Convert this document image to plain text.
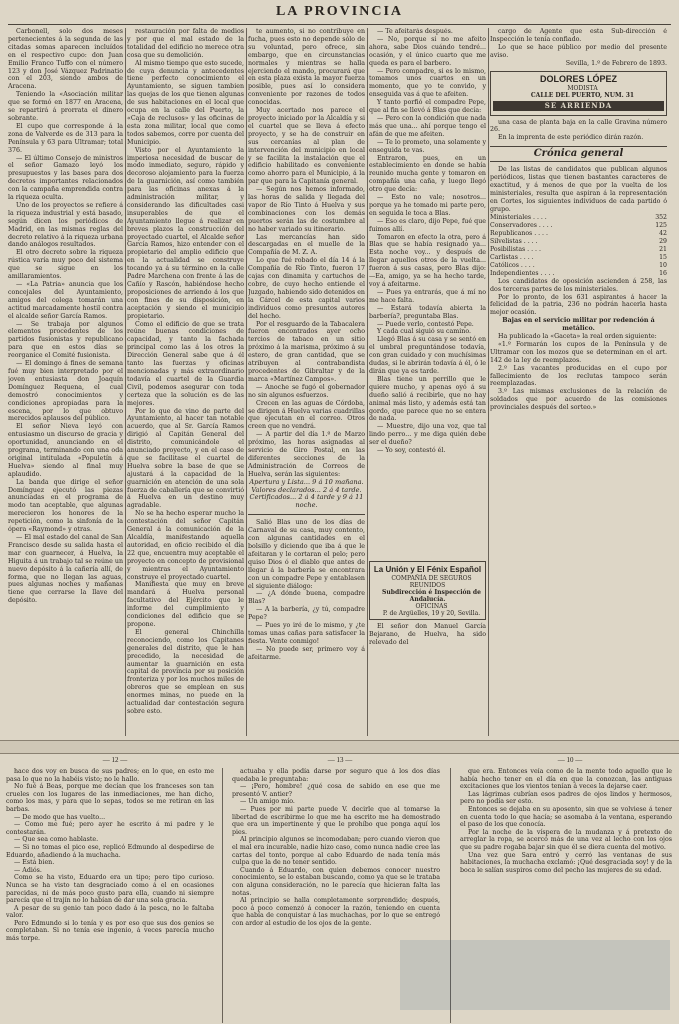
LA PROVINCIA

Carbonell, solo dos meses pertenecientes á la segunda de las citadas somas aparecen incluídos en el respectivo cupo: don Juan Emilio Franco Tuffo con el número 123 y don José Vázquez Padrinatio con el 203, siendo ambos de Aracena.

Teniendo la «Asociación militar que se formó en 1877 en Aracena, se repartirá á prorrata el dinero sobrante.

El cupo que corresponde á la zona de Valverde es de 313 para la Península y 63 para Ultramar; total 376.

— El último Consejo de ministros el señor Gamazo leyó los presupuestos y las bases para dos decretos importantes relacionados con la campaña emprendida contra la riqueza oculta.

Uno de los proyectos se refiere á la riqueza industrial y está basado, según dicen los periódicos de Madrid, en las mismas reglas del decreto relativo á la riqueza urbana dando análogos resultados.

El otro decreto sobre la riqueza rústica varía muy poco del sistema que se sigue en los amillaramientos.

— «La Patria» anuncia que los concejales del Ayuntamiento, amigos del colega tomarán una actitud marcadamente hostil contra el alcalde señor García Ramos.

— Se trabaja por algunos elementos procedentes de los partidos fusionistas y republicano para que en estos días se reorganice el Comité fusionista.

— El domingo á fines de semana fué muy bien interpretado por el joven entusiasta don Joaquín Domínguez Requena, el cual demostró conocimientos y condiciones apropiadas para la escena, por lo que obtuvo merecidos aplausos del público.

El señor Nieva leyó con entusiasmo un discurso de gracia y oportunidad, anunciando en el programa, terminando con una oda original intitulada «Populetín á Huelva» siendo al final muy aplaudido.

La banda que dirige el señor Domínguez ejecutó las piezas anunciadas en el programa de modo tan aceptable, que algunas merecieron los honores de la repetición, como la sinfonía de la ópera «Raymond» y otras.

— El mal estado del canal de San Francisco desde su salida hasta el mar con guarnecer, á Huelva, la Higuita á un trabajo tal se reúne un nuevo depósito á la cañería allí, de forma, que no llegan las aguas, pues algunas noches y mañanas tiene que cerrarse la llave del depósito.

restauración por falta de medios y por que el mal estado de la totalidad del edificio no merece otra cosa que su demolición.

Al mismo tiempo que esto sucede, de cuya denuncia y antecedentes tiene perfecto conocimiento el Ayuntamiento, se siguen tambien las quejas de los que tienen algunas de sus habitaciones en el local que ocupa en la calle del Puerto, la «Caja de reclusos» y las oficinas de esta zona militar, local que como todos sabemos, corre por cuenta del Municipio.

Visto por el Ayuntamiento la imperiosa necesidad de buscar de modo inmediato, seguro, rápido y decoroso alojamiento para la fuerza de la guarnición, así como también para las oficinas anexas á la administración militar, y considerando las dificultades casi insuperables de que el Ayuntamiento llegue á realizar en breves plazos la construcción del proyectado cuartel, el Alcalde señor García Ramos, hizo entender con el propietario del amplio edificio que en la actualidad se construye tocando ya á su término en la calle Padre Marchena con frente á las de Cañío y Rascón, habiéndose hecho proposiciones de arriendo á los que con fines de su disposición, en aceptación y siendo el municipio propietario.

Como el edificio de que se trata reúne buenas condiciones de capacidad, y tanto la fachada principal como las á los otros la Dirección General sabe que á él tanto las fuerzas y oficinas mencionadas y más extraordinario todavía el cuartel de la Guardia Civil, podemos asegurar con toda certeza que la solución es de las mejores.

Por lo que de vino de parte del Ayuntamiento, al hacer tan notable acuerdo, que al Sr. García Ramos dirigió al Capitán General del distrito, comunicándole el anunciado proyecto, y en el caso de que se facilitase el cuartel de Huelva sobre la base de que se ajustará á la capacidad de la guarnición en atención de una sola fuerza de caballería que se convirtió á Huelva en un destino muy agradable.

No se ha hecho esperar mucho la contestación del señor Capitán General á la comunicación de la Alcaldía, manifestando aquella autoridad, en oficio recibido el día 22 que, encuentra muy aceptable el proyecto en concepto de provisional y mientras el Ayuntamiento construye el proyectado cuartel.

Manifiesta que muy en breve mandará á Huelva personal facultativo del Ejército que le informe del cumplimiento y condiciones del edificio que se propone.

El general Chinchilla reconociendo, como los Capitanes generales del distrito, que le han precedido, la necesidad de aumentar la guarnición en esta capital de provincia por su posición fronteriza y por los muchos miles de obreros que se emplean en sus enormes minas, no puede en la actualidad dar contestación segura sobre esto.

te aumento, si no contribuye en fucha, pues esto no depende sólo de su voluntad, pero ofrece, sin embargo, que en circunstancias normales y mientras se halla ejerciendo el mando, procurará que en esta plaza exista la mayor fuerza posible, pues así lo considera conveniente por razones de todos conocidas.

Muy acertado nos parece el proyecto iniciado por la Alcaldía y si el cuartel que se lleva á efecto proyecto, y se ha de construir en sus cercanías al plan de intervención del municipio en local y se facilita la instalación que el edificio habilitado es conveniente como ahorro para el Municipio, á la par que para la Capitanía general.

— Según nos hemos informado, las horas de salida y llegada del vapor de Río Tinto á Huelva y sus combinaciones con los demás puertos serán las de costumbre al no haber variado su itinerario.

Las mercancías han sido descargadas en el muelle de la Compañía de M. Z. A.

Lo que fué robado el día 14 á la Compañía de Río Tinto, fueron 17 cajas con dinamita y cartuchos de cobre, de cuyo hecho entiende el Juzgado, habiendo sido detenidos en la Cárcel de esta capital varios individuos como presuntos autores del hecho.

Por el resguardo de la Tabacalera fueron encontrados ayer ocho tercios de tabaco en un sitio próximo á la marisma, próximo á su estero, de gran cantidad, que se atribuyen al contrabandista procedentes de Gibraltar y de la marca «Martínez Campos».

— Anoche se fugó el gobernador no sin algunos esfuerzos.

Crecen en las aguas de Córdoba, se dirigen á Huelva varias cuadrillas que ejecutan en el correo. Otros creen que no vendrá.

— A partir del día 1.º de Marzo próximo, las horas asignadas al servicio de Giro Postal, en las diferentes secciones de la Administración de Correos de Huelva, serán las siguientes:

Apertura y Lista... 9 á 10 mañana.

Valores declarados... 2 á 4 tarde.

Certificados... 2 á 4 tarde y 9 á 11 noche.

Salió Blas uno de los días de Carnaval de su casa, muy contento, con algunas cantidades en el bolsillo y diciendo que iba á que le afeitaran y le cortaran el pelo; pero quiso Dios ó el diablo que antes de llegar á la barbería se encontrara con un compadre Pepe y entablasen el siguiente diálogo:

— ¿A dónde buena, compadre Blas?

— A la barbería, ¿y tú, compadre Pepe?

— Pues yo iré de lo mismo, y ¿te tomas unas cañas para satisfacer la fiesta. Vente conmigo!

— No puede ser, primero voy á afeitarme.

— Te afeitarás después.

— No, porque si no me afeito ahora, sabe Dios cuándo tendré... ocasión, y el único cuarto que me queda es para el barbero.

— Pero compadre, si es lo mismo, tomamos unos cuartos en un momento, que yo te convido, y enseguida vas á que te afeiten.

Y tanto porfió el compadre Pepe, que al fin se llevó á Blas que decía:

— Pero con la condición que nada más que una... ahí porque tengo el afán de que me afeiten.

— Te lo prometo, una solamente y enseguida te vas.

Entraron, pues, en un establecimiento en donde se había reunido mucha gente y tomaron en compañía una caña, y luego llegó otro que decía:

— Esto no vale; nosotros... porque ya he tomado mi parte pero, en seguida le toca a Blas.

— Eso es claro, dijo Pepe, fué que fuimos allí.

Tomaron en efecto la otra, pero á Blas que se había resignado ya... Esta noche voy... y después de llegar aquellos otros de la vuelta... fueron á sus casas, pero Blas dijo: —Ea, amigo, ya se ha hecho tarde, voy á afeitarme.

— Pues ya entrarás, que á mí no me hace falta.

— Estará todavía abierta la barbería?, preguntaba Blas.

— Puede verlo, contestó Pepe.

Y cada cual siguió su camino.

Llegó Blas á su casa y se sentó en el umbral preguntándose todavía, con gran cuidado y con muchísimas dudas, si le abrirán todavía á él, ó le dirán que ya es tarde.

Blas tiene un perrillo que le quiere mucho, y apenas oyó á su dueño salió á recibirle, que no hay animal más listo, y además está tan gordo, que parece que no se entera de nada.

— Muestre, dijo una voz, que tal lindo perro... y me diga quién debe ser el dueño?

— Yo soy, contestó él.

La Unión y El Fénix Español

COMPAÑÍA DE SEGUROS REUNIDOS

Subdirección é Inspección de Andalucía.

OFICINAS

P. de Argüelles, 19 y 20, Sevilla.

El señor don Manuel García Bejarano, de Huelva, ha sido relevado del

cargo de Agente que esta Sub-dirección é Inspección le tenía confiado.

Lo que se hace público por medio del presente aviso.

Sevilla, 1.º de Febrero de 1893.

DOLORES LÓPEZ

MODISTA

CALLE DEL PUERTO, NUM. 31

SE ARRIENDA

una casa de planta baja en la calle Gravina número 26.

En la imprenta de este periódico dirán razón.

Crónica general

De las listas de candidatos que publican algunos periódicos, listas que tienen bastantes caracteres de exactitud, y á menos de que por la vuelta de los ministeriales, resulta que aspiran á la representación en Cortes, los siguientes individuos de cada partido ó grupo.

Ministeriales . . . .	352
Conservadores . . . .	125
Republicanos . . . .	42
Silvelistas . . . .	29
Posibilistas . . . .	21
Carlistas . . . .	15
Católicos . . . .	10
Independientes . . . .	16

Los candidatos de oposición ascienden á 258, las dos terceras partes de los ministeriales.

Por lo pronto, de los 631 aspirantes á hacer la felicidad de la patria, 236 no podrán hacerla hasta mejor ocasión.

Bajas en el servicio militar por redención á metálico.

Ha publicado la «Gaceta» la real orden siguiente:

«1.º Formarán los cupos de la Península y de Ultramar con los mozos que se determinan en el art. 142 de la ley de reemplazos.

2.º Las vacantes producidas en el cupo por fallecimiento de los reclutas tampoco serán reemplazadas.

3.º Las mismas exclusiones de la relación de soldados que por acuerdo de las comisiones provinciales después del sorteo.»

— 12 —	— 13 —	— 10 —

hace dos voy en busca de sus padres; en lo que, en esto me pasa lo que no la habéis visto; no le hallo.

No fué á Beas, porque me decían que los franceses son tan crueles con los lugares de las inmediaciones, me han dicho, como los mas, y para que lo sepas, todos se me retiran en las barbas.

— De modo que has vuelto...

— Como me fué; pero ayer he escrito á mi padre y le contestarán.

— Que sea como hablaste.

— Si no tomas el pico ese, replicó Edmundo al despedirse de Eduardo, añadiendo á la muchacha.

— Está bien.

— Adiós.

Como se ha visto, Eduardo era un tipo; pero tipo curioso. Nunca se ha visto tan desgraciado como á el en ocasiones parecidas, ni de más poco gusto para ella, cuando ni siempre parecía que el trajín no lo habían de dar una sola gracia.

A pesar de su genio tan poco dado á la pesca, no le faltaba valor.

Pero Edmundo si lo tenía y es por eso que sus dos genios se completaban. Si no tenía ese ingenio, á veces parecía mucho más torpe.

actuaba y ella podía darse por seguro que á los dos días quedaba le preguntaba:

— ¡Pero, hombre! ¿qué cosa de sabido en ese que me presentó V. antier?

— Un amigo mío.

— Pues por mi parte puede V. decirle que al tomarse la libertad de escribirme lo que me ha escrito me ha demostrado que era un impertinente y que le prohíbo que ponga aquí los pies.

Al principio algunos se incomodaban; pero cuando vieron que el mal era incurable, nadie hizo caso, como nunca nadie cree las cartas del tonto, porque al cabo Eduardo de nada tenía más culpa que la de no tener sentido.

Cuando á Eduardo, con quien debemos conocer nuestro conocimiento, se lo estaban buscando, como ya que se le trataba con alguna consideración, no le parecía que hicieran falta las notas.

Al principio se halla completamente sorprendido; después, poco á poco comenzó á conocer la razón, teniendo en cuenta que había de conquistar á las muchachas, por lo que se entregó con ardor al estudio de los ojos de la gente.

que era. Entonces veía como de la mente todo aquello que le había hecho tener en el día en que la conozcan, las antiguas excitaciones que los vientos tenían á veces la dejarse caer.

Las lágrimas cubrían esos padres de ojos lindos y hermosos, pero no podía ser esto.

Entonces se dejaba en su aposento, sin que se volviese á tener en cuenta todo lo que hacía; se asomaba á la ventana, esperando el paso de los que conocía.

Por la noche de la víspera de la mudanza y á pretexto de arreglar la ropa, se acercó más de una vez al lecho con los ojos que su padre rogaba bajar sin que él se diera cuenta del motivo.

Una vez que Sara entró y cerró las ventanas de sus habitaciones, la muchacha exclamó: ¡Qué desgraciada soy! y de la boca le salían suspiros como del pecho las mujeres de su edad.
